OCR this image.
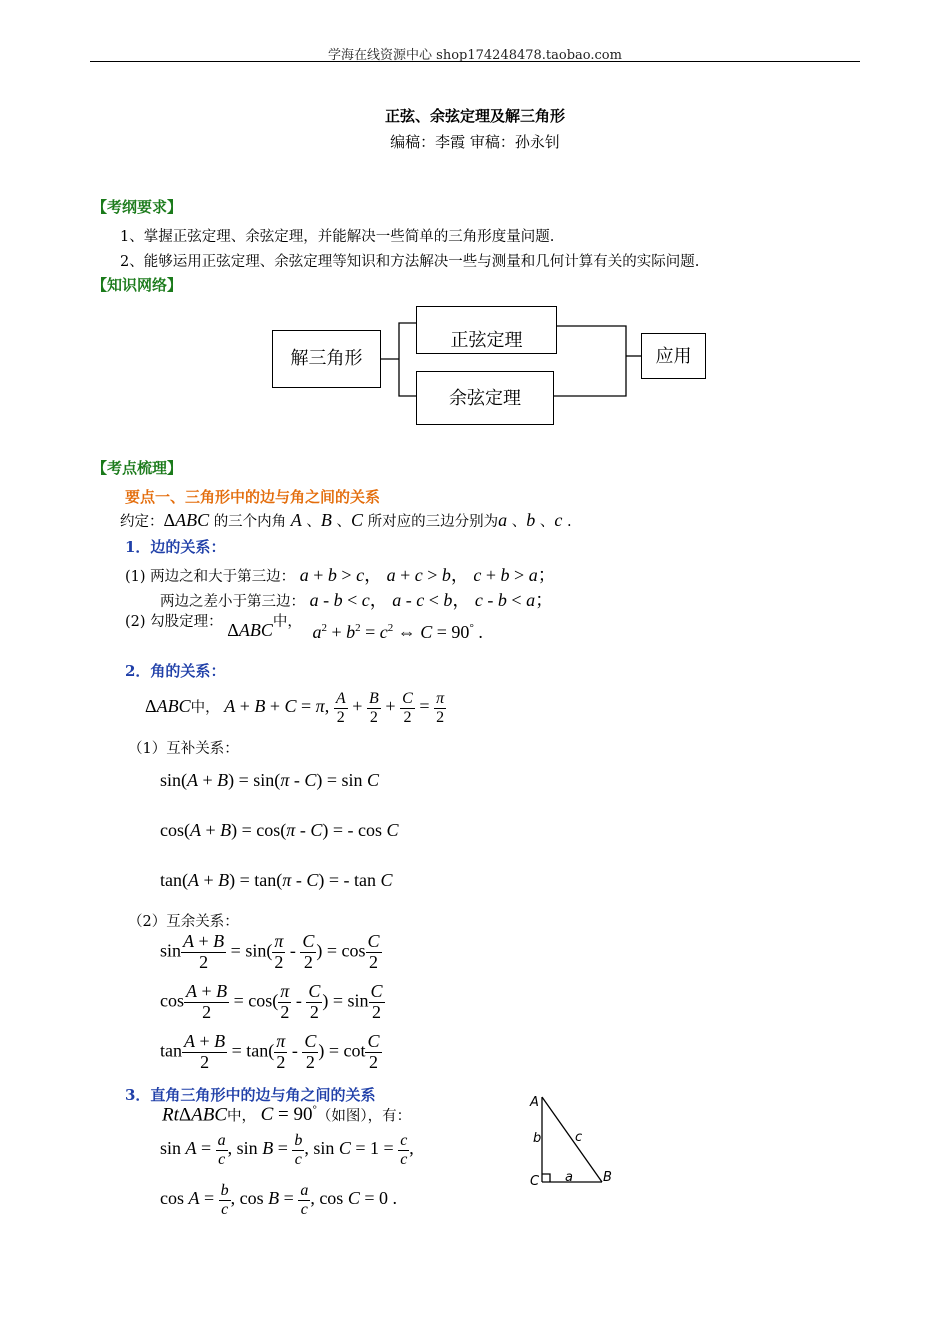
学海在线资源中心 shop174248478.taobao.com
正弦、余弦定理及解三角形
编稿：李霞 审稿：孙永钊
【考纲要求】
1、掌握正弦定理、余弦定理，并能解决一些简单的三角形度量问题.
2、能够运用正弦定理、余弦定理等知识和方法解决一些与测量和几何计算有关的实际问题.
【知识网络】
解三角形
正弦定理
余弦定理
应用
【考点梳理】
要点一、三角形中的边与角之间的关系
约定：ΔABC 的三个内角 A 、B 、C 所对应的三边分别为a 、b 、c .
1．边的关系：
(1) 两边之和大于第三边： a + b > c， a + c > b， c + b > a；
两边之差小于第三边： a - b < c， a - c < b， c - b < a；
(2) 勾股定理： ΔABC中， $a^2 + b^2 = c^2$ ⇔ C = 90° .
2．角的关系：
ΔABC中， A + B + C = π, $\frac{A}{2} + \frac{B}{2} + \frac{C}{2} = \frac{\pi}{2}$
（1）互补关系：
sin(A + B) = sin(π - C) = sin C
cos(A + B) = cos(π - C) = - cos C
tan(A + B) = tan(π - C) = - tan C
（2）互余关系：
$\sin \frac{A + B}{2} = \sin( \frac{\pi}{2} - \frac{C}{2}$ ) = $\cos \frac{C}{2}$
$\cos \frac{A + B}{2} = \cos( \frac{\pi}{2} - \frac{C}{2}$ ) = $\sin \frac{C}{2}$
$\tan \frac{A + B}{2} = \tan( \frac{\pi}{2} - \frac{C}{2}$ ) = $\cot \frac{C}{2}$
3．直角三角形中的边与角之间的关系
RtΔABC中， C = 90°（如图），有：
$\sin A = \frac{a}{c}$ , $\sin B = \frac{b}{c}$ , $\sin C = 1 = \frac{c}{c}$ ,
$\cos A = \frac{b}{c}$ , $\cos B = \frac{a}{c}$ , cos C = 0 .
A
C	B
b
a
c
